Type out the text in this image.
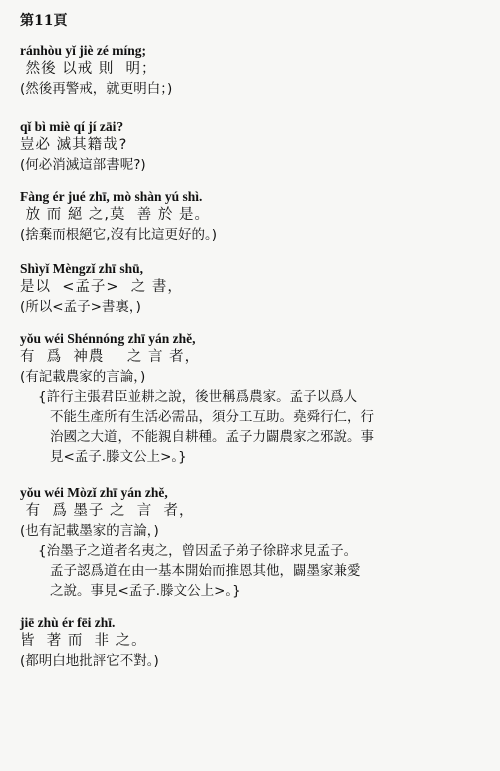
第11頁
ránhòu yǐ jiè zé míng;
然後 以戒 則  明；
(然後再警戒，就更明白；)
qǐ bì miè qí jí zāi?
豈必 滅其籍哉?
(何必消滅這部書呢?)
Fàng ér jué zhī, mò shàn yú shì.
放 而 絕 之,莫  善 於 是。
(捨棄而根絕它,沒有比這更好的。)
Shìyǐ Mèngzǐ zhī shū,
是以  <孟子>  之 書，
(所以<孟子>書裏，)
yǒu wéi Shénnóng zhī yán zhě,
有  爲  神農    之 言 者，
(有記載農家的言論，)
{許行主張君臣並耕之說，後世稱爲農家。孟子以爲人
不能生產所有生活必需品，須分工互助。堯舜行仁，行
治國之大道，不能親自耕種。孟子力闢農家之邪說。事
見<孟子.滕文公上>。}
yǒu wéi Mòzǐ zhī yán zhě,
有  爲 墨子 之  言  者，
(也有記載墨家的言論，)
{治墨子之道者名夷之，曾因孟子弟子徐辟求見孟子。
孟子認爲道在由一基本開始而推恩其他，闢墨家兼愛
之說。事見<孟子.滕文公上>。}
jiē zhù ér fēi zhī.
皆  著 而  非 之。
(都明白地批評它不對。)
